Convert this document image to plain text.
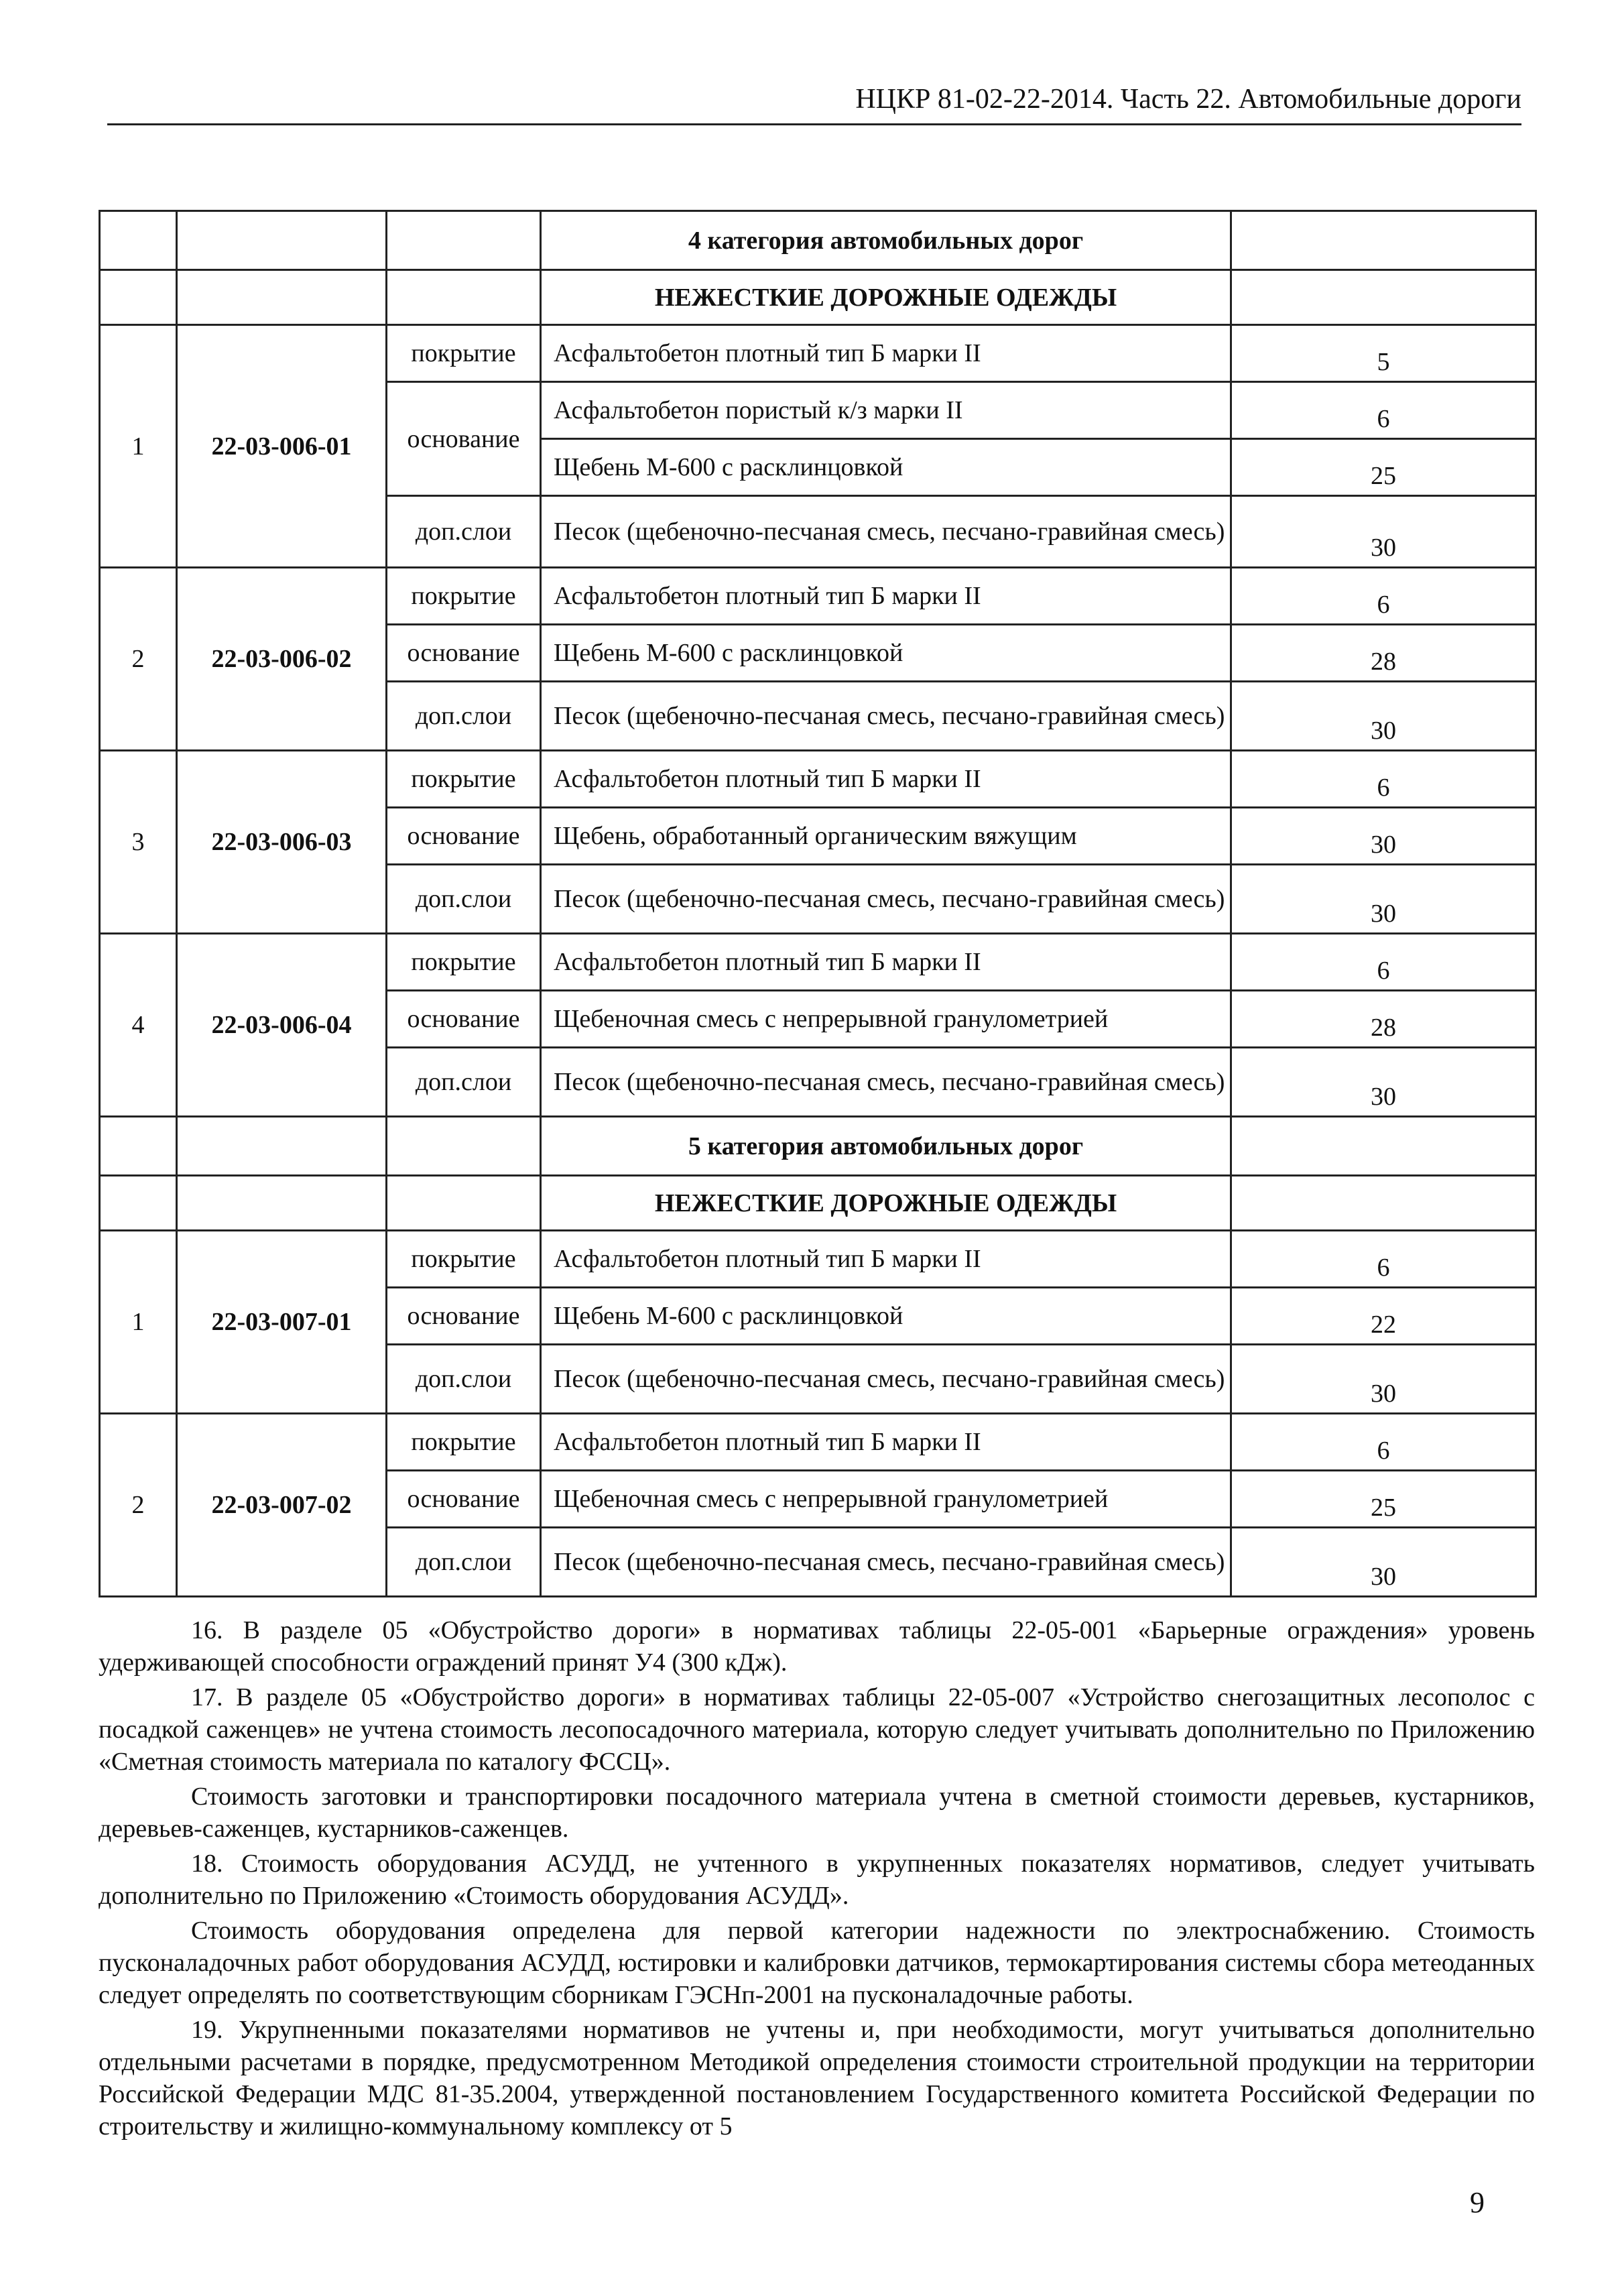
НЦКР 81-02-22-2014. Часть 22. Автомобильные дороги
			4 категория автомобильных дорог	
			НЕЖЕСТКИЕ ДОРОЖНЫЕ ОДЕЖДЫ	
1	22-03-006-01	покрытие	Асфальтобетон плотный тип Б марки II	5
		основание	Асфальтобетон пористый к/з марки II	6
			Щебень М-600 с расклинцовкой	25
		доп.слои	Песок (щебеночно-песчаная смесь, песчано-гравийная смесь)	30
2	22-03-006-02	покрытие	Асфальтобетон плотный тип Б марки II	6
		основание	Щебень М-600 с расклинцовкой	28
		доп.слои	Песок (щебеночно-песчаная смесь, песчано-гравийная смесь)	30
3	22-03-006-03	покрытие	Асфальтобетон плотный тип Б марки II	6
		основание	Щебень, обработанный органическим вяжущим	30
		доп.слои	Песок (щебеночно-песчаная смесь, песчано-гравийная смесь)	30
4	22-03-006-04	покрытие	Асфальтобетон плотный тип Б марки II	6
		основание	Щебеночная смесь с непрерывной гранулометрией	28
		доп.слои	Песок (щебеночно-песчаная смесь, песчано-гравийная смесь)	30
			5 категория автомобильных дорог	
			НЕЖЕСТКИЕ ДОРОЖНЫЕ ОДЕЖДЫ	
1	22-03-007-01	покрытие	Асфальтобетон плотный тип Б марки II	6
		основание	Щебень М-600 с расклинцовкой	22
		доп.слои	Песок (щебеночно-песчаная смесь, песчано-гравийная смесь)	30
2	22-03-007-02	покрытие	Асфальтобетон плотный тип Б марки II	6
		основание	Щебеночная смесь с непрерывной гранулометрией	25
		доп.слои	Песок (щебеночно-песчаная смесь, песчано-гравийная смесь)	30

16. В разделе 05 «Обустройство дороги» в нормативах таблицы 22-05-001 «Барьерные ограждения» уровень удерживающей способности ограждений принят У4 (300 кДж).

17. В разделе 05 «Обустройство дороги» в нормативах таблицы 22-05-007 «Устройство снегозащитных лесополос с посадкой саженцев» не учтена стоимость лесопосадочного материала, которую следует учитывать дополнительно по Приложению «Сметная стоимость материала по каталогу ФССЦ».

Стоимость заготовки и транспортировки посадочного материала учтена в сметной стоимости деревьев, кустарников, деревьев-саженцев, кустарников-саженцев.

18. Стоимость оборудования АСУДД, не учтенного в укрупненных показателях нормативов, следует учитывать дополнительно по Приложению «Стоимость оборудования АСУДД».

Стоимость оборудования определена для первой категории надежности по электроснабжению. Стоимость пусконаладочных работ оборудования АСУДД, юстировки и калибровки датчиков, термокартирования системы сбора метеоданных следует определять по соответствующим сборникам ГЭСНп-2001 на пусконаладочные работы.

19. Укрупненными показателями нормативов не учтены и, при необходимости, могут учитываться дополнительно отдельными расчетами в порядке, предусмотренном Методикой определения стоимости строительной продукции на территории Российской Федерации МДС 81-35.2004, утвержденной постановлением Государственного комитета Российской Федерации по строительству и жилищно-коммунальному комплексу от 5

9
